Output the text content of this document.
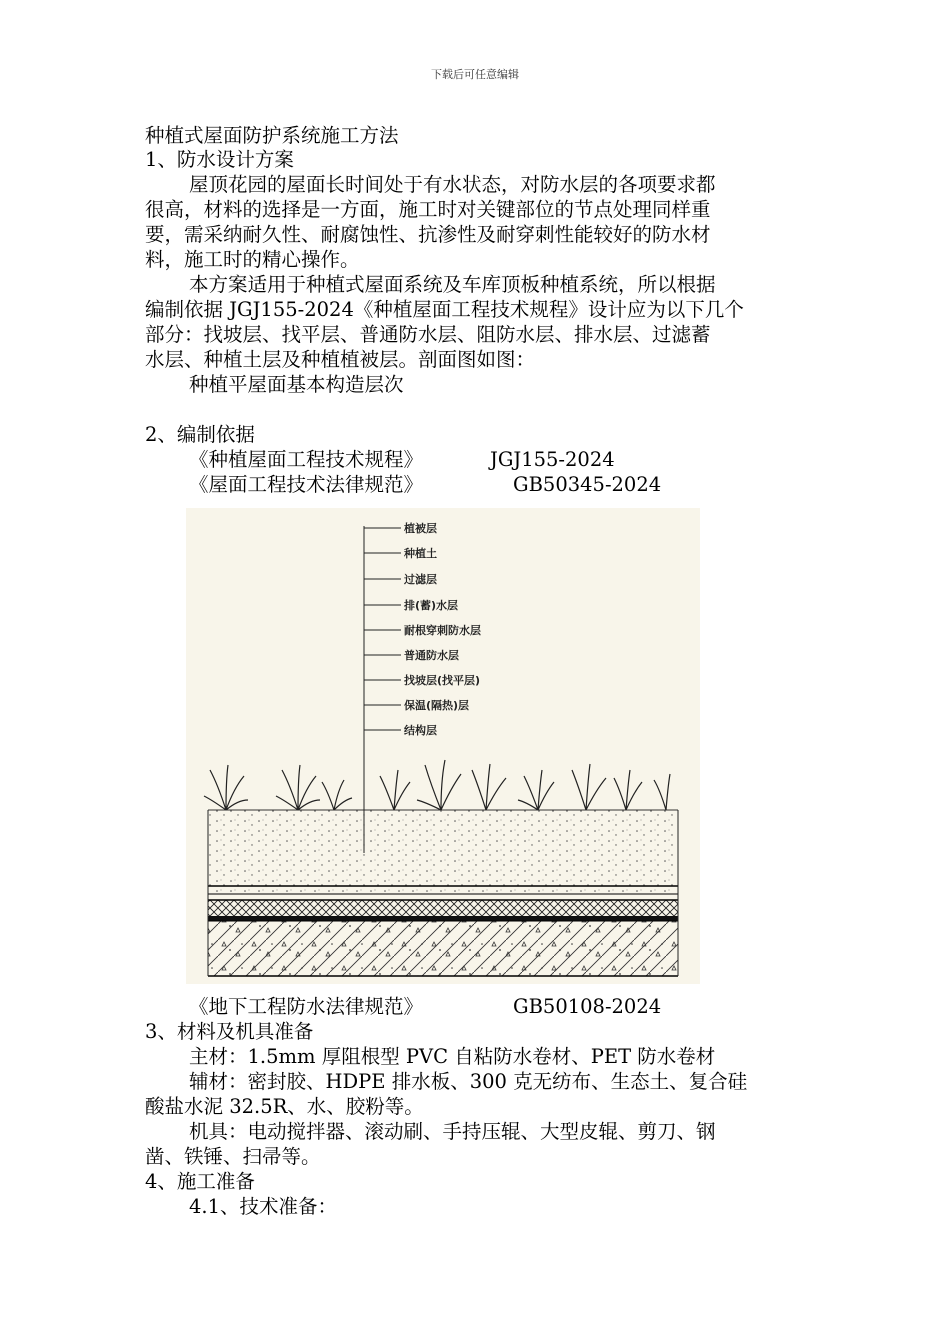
下载后可任意编辑
种植式屋面防护系统施工方法
1、防水设计方案
屋顶花园的屋面长时间处于有水状态，对防水层的各项要求都
很高，材料的选择是一方面，施工时对关键部位的节点处理同样重
要，需采纳耐久性、耐腐蚀性、抗渗性及耐穿刺性能较好的防水材
料，施工时的精心操作。
本方案适用于种植式屋面系统及车库顶板种植系统，所以根据
编制依据 JGJ155-2024《种植屋面工程技术规程》设计应为以下几个
部分：找坡层、找平层、普通防水层、阻防水层、排水层、过滤蓄
水层、种植土层及种植植被层。剖面图如图：
种植平屋面基本构造层次
2、编制依据
《种植屋面工程技术规程》	JGJ155-2024
《屋面工程技术法律规范》	GB50345-2024
植被层
种植土
过滤层
排(蓄)水层
耐根穿刺防水层
普通防水层
找坡层(找平层)
保温(隔热)层
结构层
《地下工程防水法律规范》	GB50108-2024
3、材料及机具准备
主材：1.5mm 厚阻根型 PVC 自粘防水卷材、PET 防水卷材
辅材：密封胶、HDPE 排水板、300 克无纺布、生态土、复合硅
酸盐水泥 32.5R、水、胶粉等。
机具：电动搅拌器、滚动刷、手持压辊、大型皮辊、剪刀、钢
凿、铁锤、扫帚等。
4、施工准备
4.1、技术准备：
